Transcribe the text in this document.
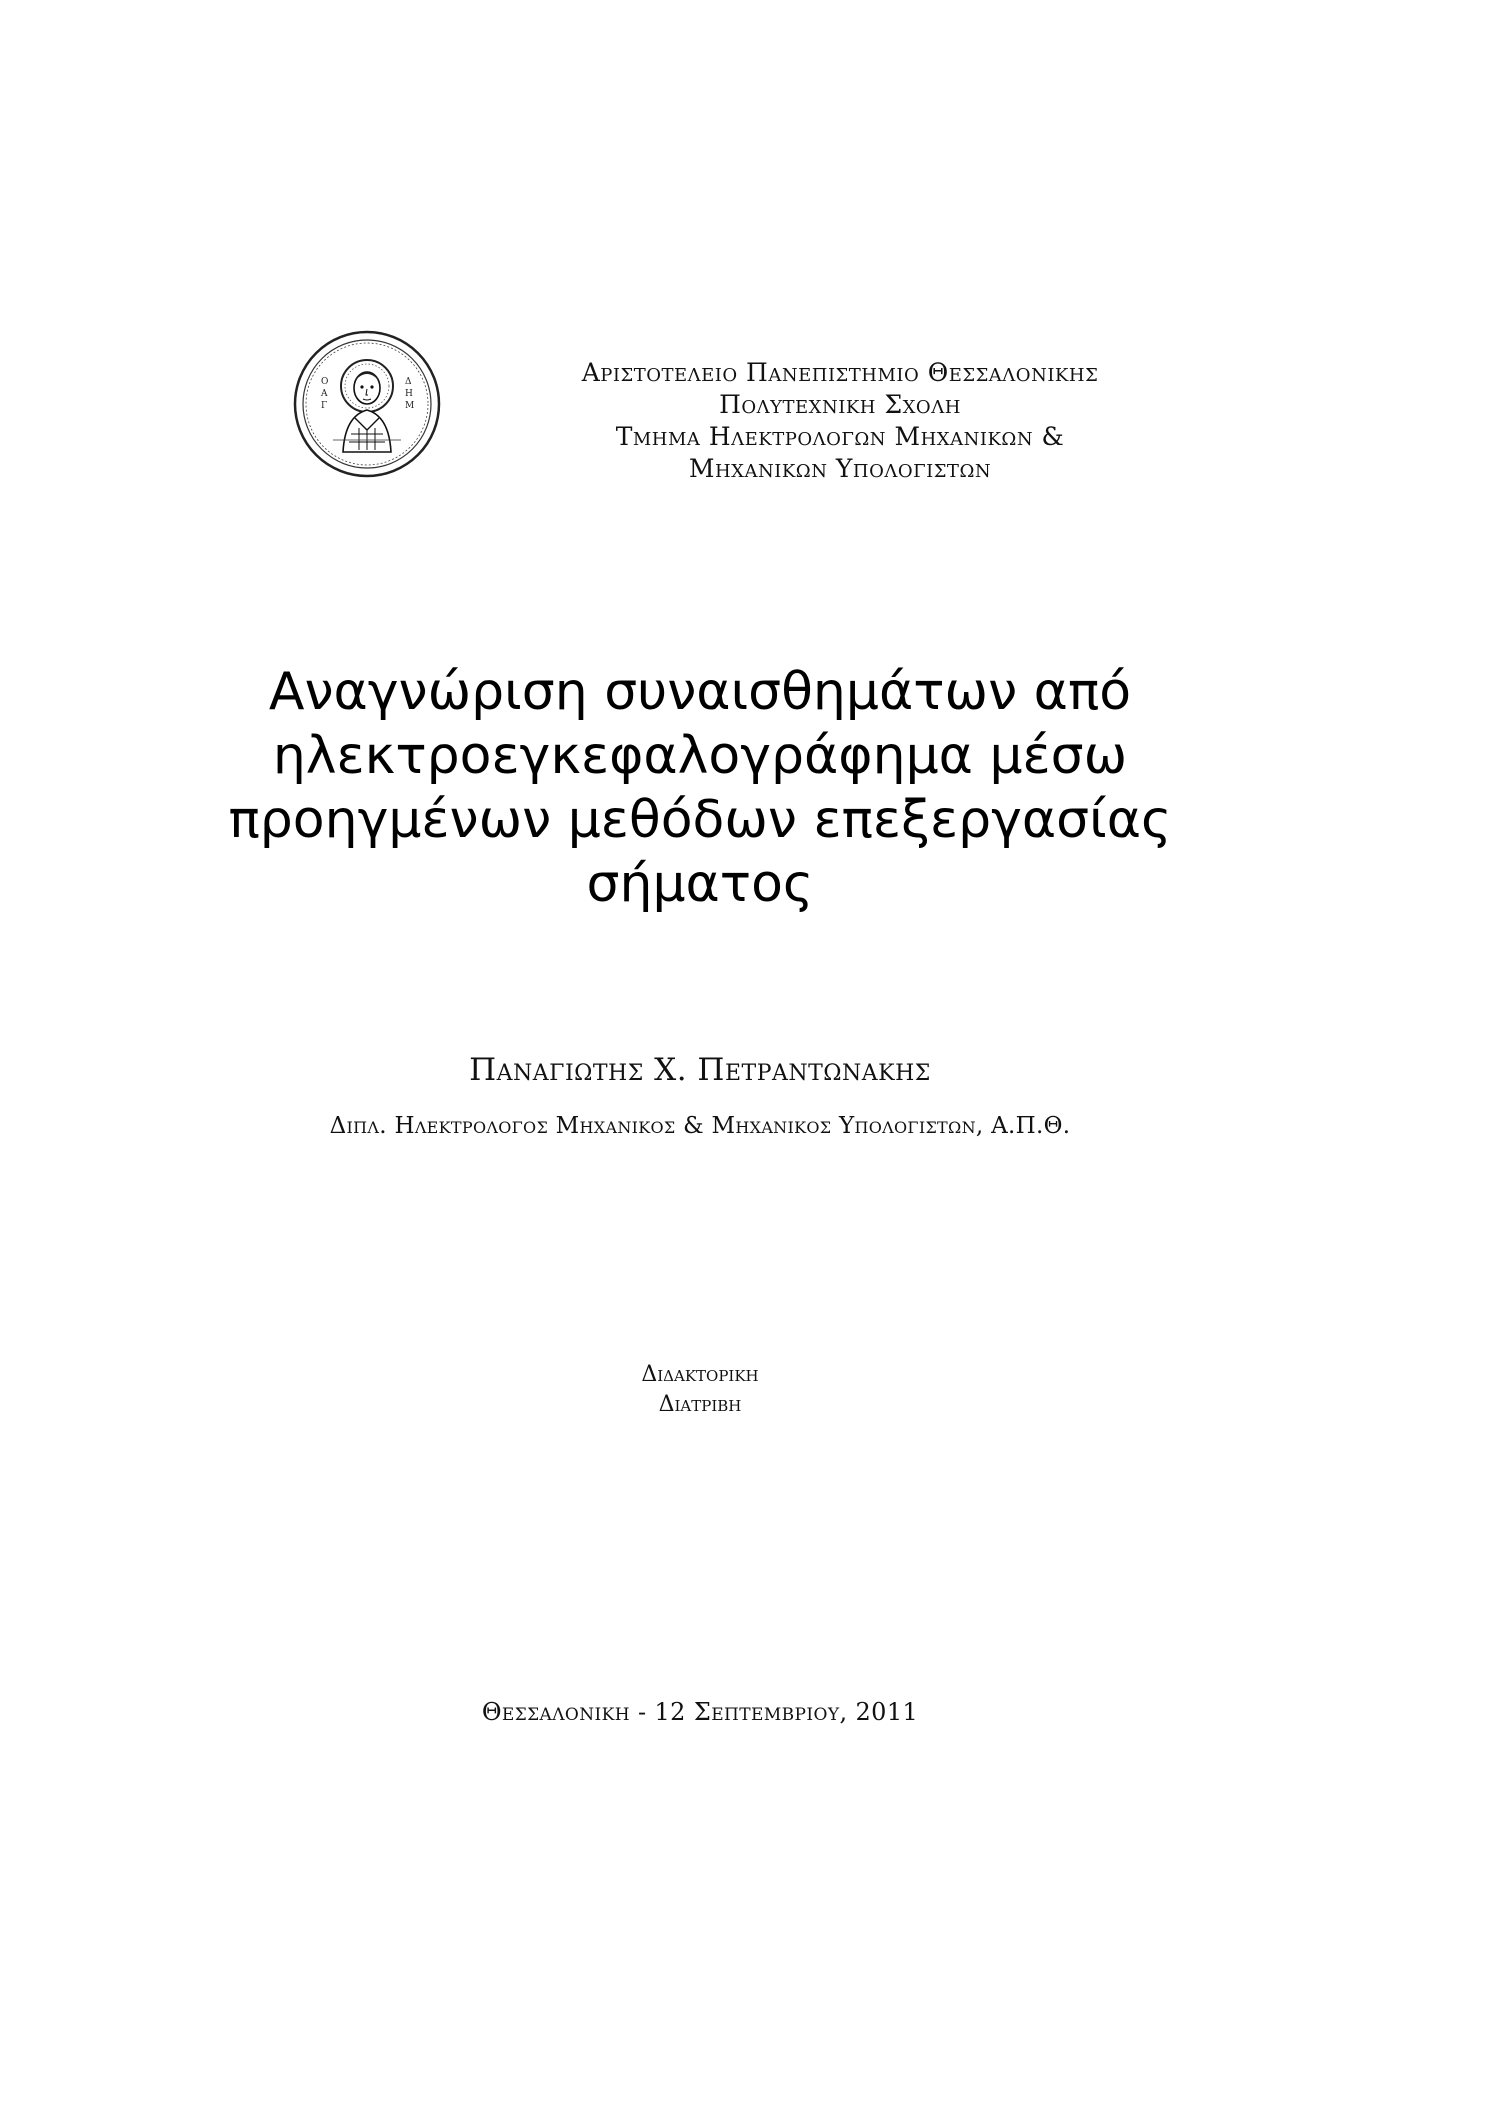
Ο
Α
Γ
Δ
Η
Μ
Αριστοτελειο Πανεπιστημιο Θεσσαλονικης
Πολυτεχνικη Σχολη
Τμημα Ηλεκτρολογων Μηχανικων &
Μηχανικων Υπολογιστων
Αναγνώριση συναισθημάτων από
ηλεκτροεγκεφαλογράφημα μέσω
προηγμένων μεθόδων επεξεργασίας
σήματος
Παναγιωτης Χ. Πετραντωνακης
Διπλ. Ηλεκτρολογος Μηχανικος & Μηχανικος Υπολογιστων, Α.Π.Θ.
Διδακτορικη
Διατριβη
Θεσσαλονικη - 12 Σεπτεμβριου, 2011
